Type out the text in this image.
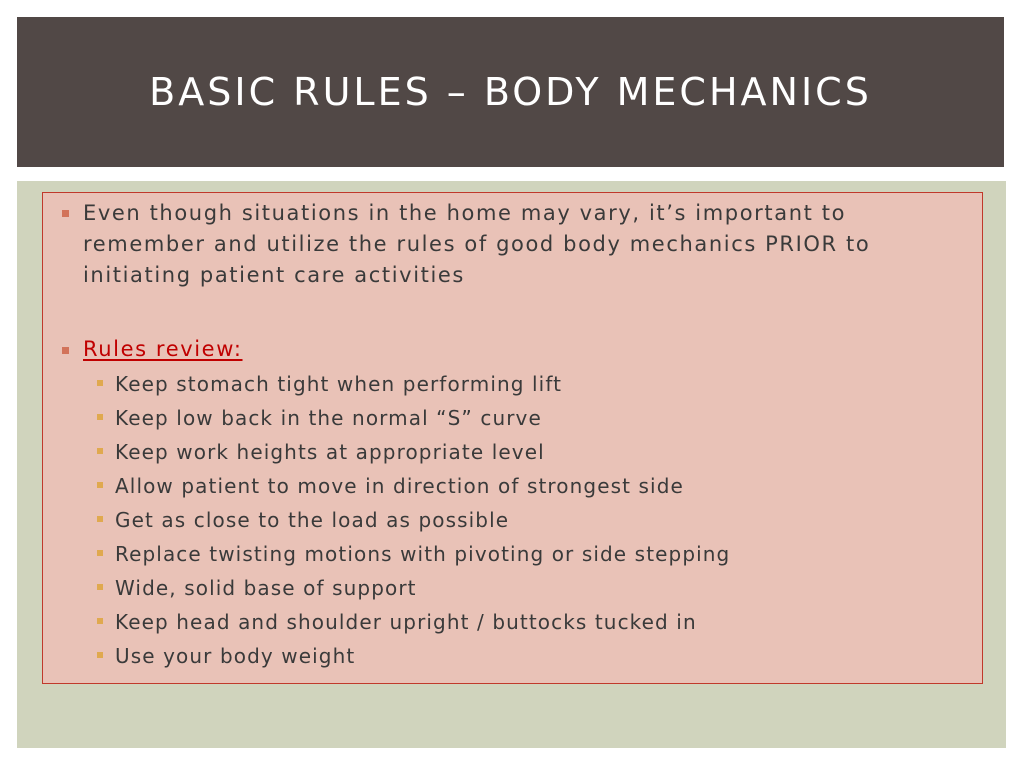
BASIC RULES – BODY MECHANICS
Even though situations in the home may vary, it’s important to remember and utilize the rules of good body mechanics PRIOR to initiating patient care activities
Rules review:
Keep stomach tight when performing lift
Keep low back in the normal “S” curve
Keep work heights at appropriate level
Allow patient to move in direction of strongest side
Get as close to the load as possible
Replace twisting motions with pivoting or side stepping
Wide, solid base of support
Keep head and shoulder upright / buttocks tucked in
Use your body weight
